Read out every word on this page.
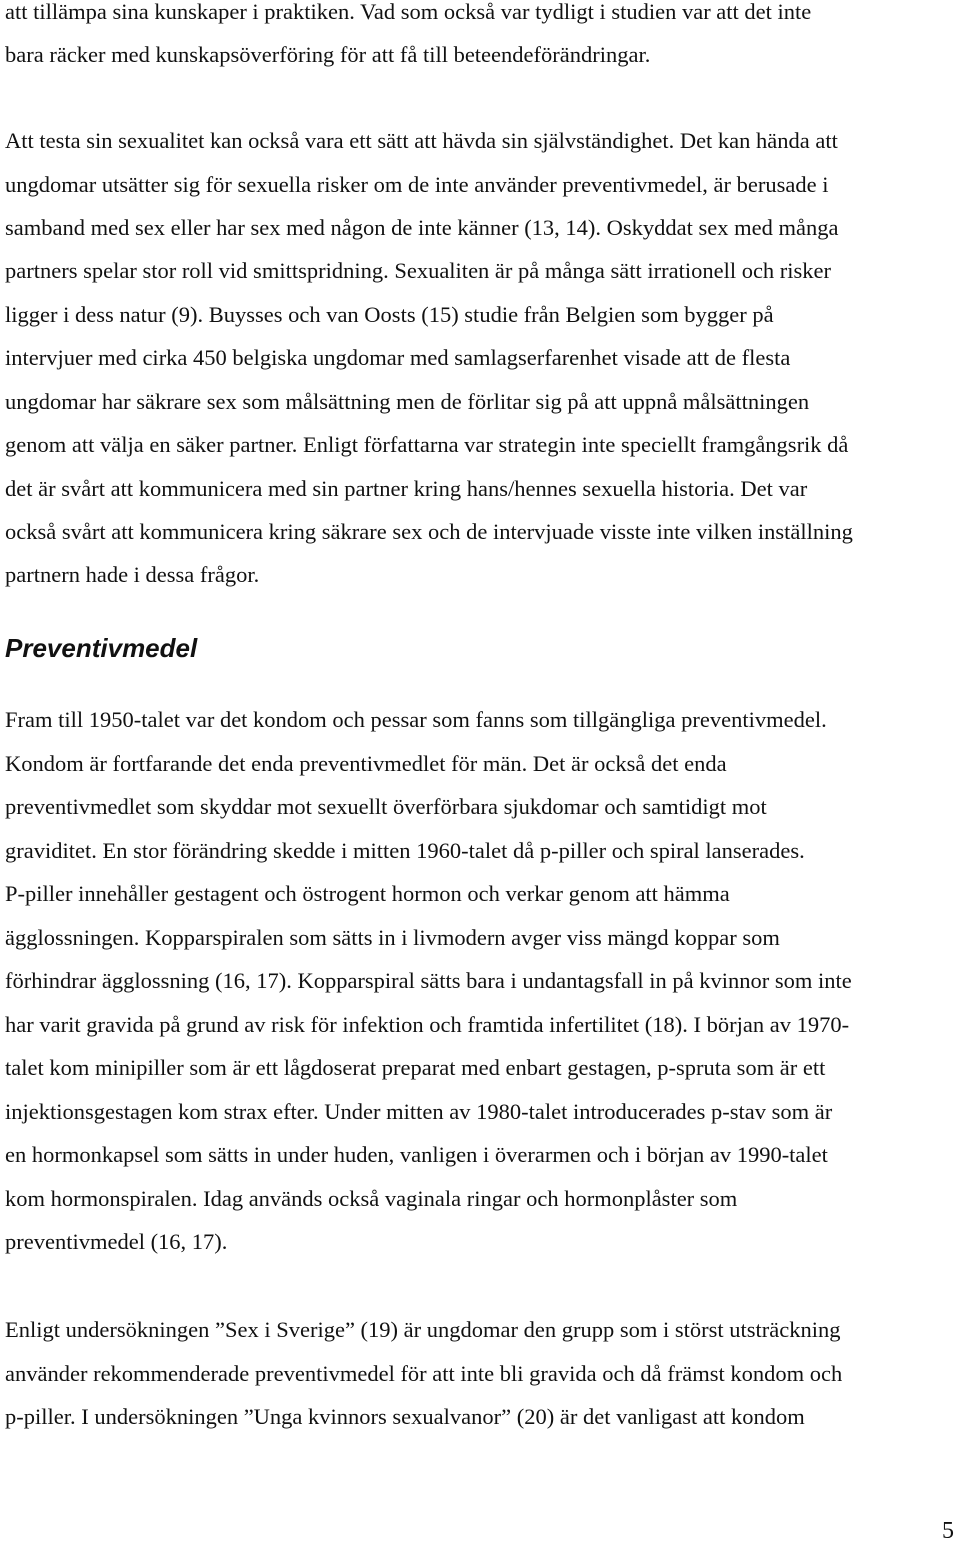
att tillämpa sina kunskaper i praktiken. Vad som också var tydligt i studien var att det inte
bara räcker med kunskapsöverföring för att få till beteendeförändringar.
Att testa sin sexualitet kan också vara ett sätt att hävda sin självständighet. Det kan hända att
ungdomar utsätter sig för sexuella risker om de inte använder preventivmedel, är berusade i
samband med sex eller har sex med någon de inte känner (13, 14). Oskyddat sex med många
partners spelar stor roll vid smittspridning. Sexualiten är på många sätt irrationell och risker
ligger i dess natur (9). Buysses och van Oosts (15) studie från Belgien som bygger på
intervjuer med cirka 450 belgiska ungdomar med samlagserfarenhet visade att de flesta
ungdomar har säkrare sex som målsättning men de förlitar sig på att uppnå målsättningen
genom att välja en säker partner. Enligt författarna var strategin inte speciellt framgångsrik då
det är svårt att kommunicera med sin partner kring hans/hennes sexuella historia. Det var
också svårt att kommunicera kring säkrare sex och de intervjuade visste inte vilken inställning
partnern hade i dessa frågor.
Preventivmedel
Fram till 1950-talet var det kondom och pessar som fanns som tillgängliga preventivmedel.
Kondom är fortfarande det enda preventivmedlet för män. Det är också det enda
preventivmedlet som skyddar mot sexuellt överförbara sjukdomar och samtidigt mot
graviditet. En stor förändring skedde i mitten 1960-talet då p-piller och spiral lanserades.
P-piller innehåller gestagent och östrogent hormon och verkar genom att hämma
ägglossningen. Kopparspiralen som sätts in i livmodern avger viss mängd koppar som
förhindrar ägglossning (16, 17). Kopparspiral sätts bara i undantagsfall in på kvinnor som inte
har varit gravida på grund av risk för infektion och framtida infertilitet (18). I början av 1970-
talet kom minipiller som är ett lågdoserat preparat med enbart gestagen, p-spruta som är ett
injektionsgestagen kom strax efter. Under mitten av 1980-talet introducerades p-stav som är
en hormonkapsel som sätts in under huden, vanligen i överarmen och i början av 1990-talet
kom hormonspiralen. Idag används också vaginala ringar och hormonplåster som
preventivmedel (16, 17).
Enligt undersökningen ”Sex i Sverige” (19) är ungdomar den grupp som i störst utsträckning
använder rekommenderade preventivmedel för att inte bli gravida och då främst kondom och
p-piller. I undersökningen ”Unga kvinnors sexualvanor” (20) är det vanligast att kondom
5
